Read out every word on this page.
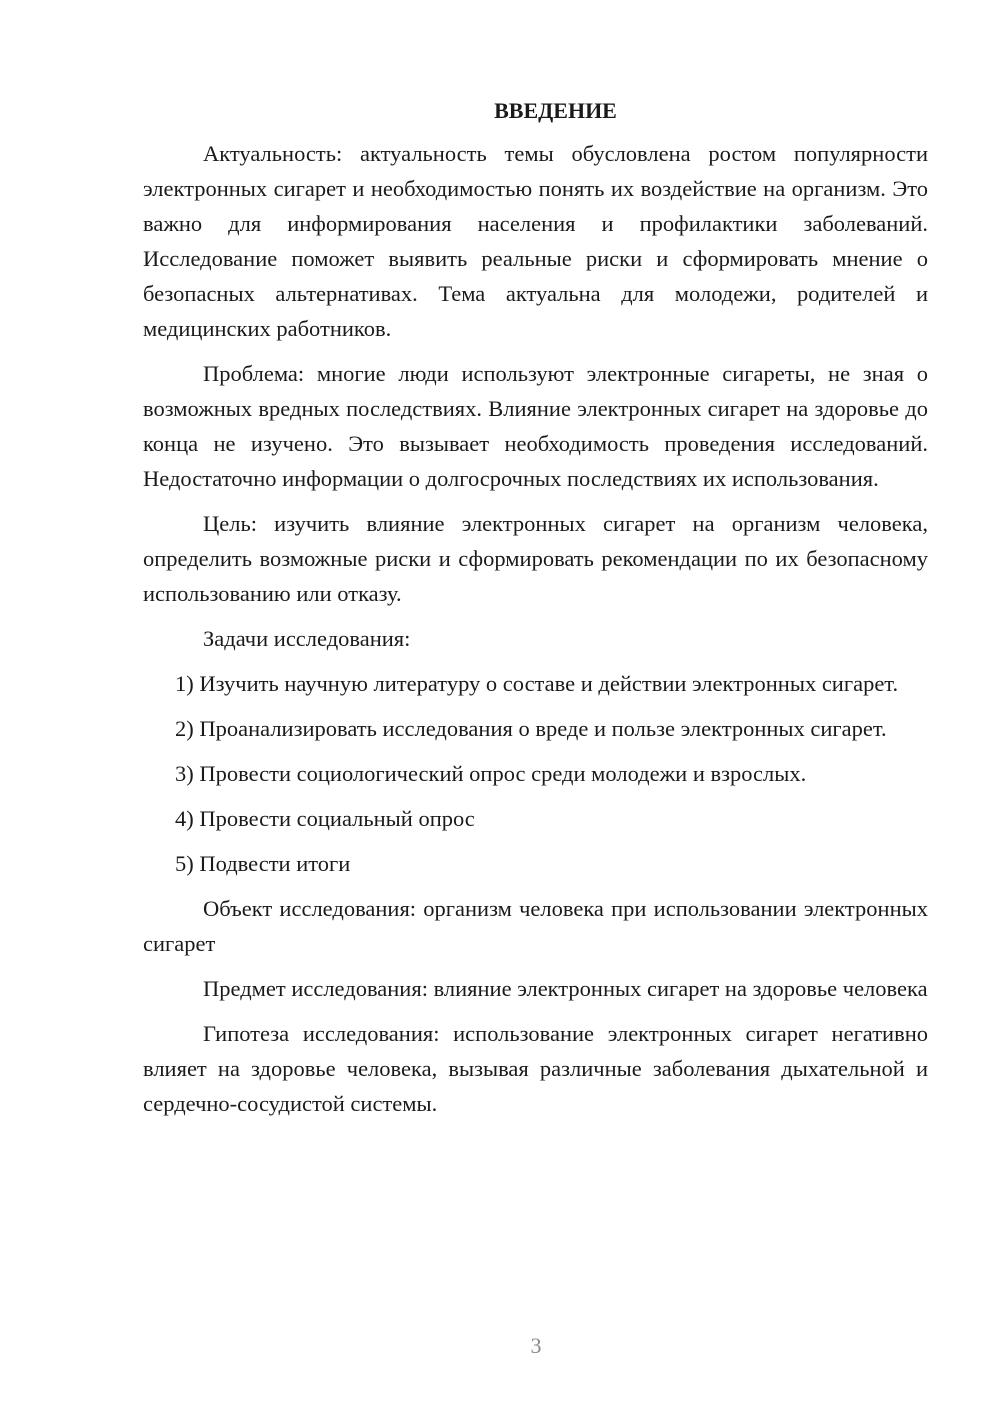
ВВЕДЕНИЕ

Актуальность: актуальность темы обусловлена ростом популярности электронных сигарет и необходимостью понять их воздействие на организм. Это важно для информирования населения и профилактики заболеваний. Исследование поможет выявить реальные риски и сформировать мнение о безопасных альтернативах. Тема актуальна для молодежи, родителей и медицинских работников.

Проблема: многие люди используют электронные сигареты, не зная о возможных вредных последствиях. Влияние электронных сигарет на здоровье до конца не изучено. Это вызывает необходимость проведения исследований. Недостаточно информации о долгосрочных последствиях их использования.

Цель: изучить влияние электронных сигарет на организм человека, определить возможные риски и сформировать рекомендации по их безопасному использованию или отказу.

Задачи исследования:

1) Изучить научную литературу о составе и действии электронных сигарет.

2) Проанализировать исследования о вреде и пользе электронных сигарет.

3) Провести социологический опрос среди молодежи и взрослых.

4) Провести социальный опрос

5) Подвести итоги

Объект исследования: организм человека при использовании электронных сигарет

Предмет исследования: влияние электронных сигарет на здоровье человека

Гипотеза исследования: использование электронных сигарет негативно влияет на здоровье человека, вызывая различные заболевания дыхательной и сердечно-сосудистой системы.

3
